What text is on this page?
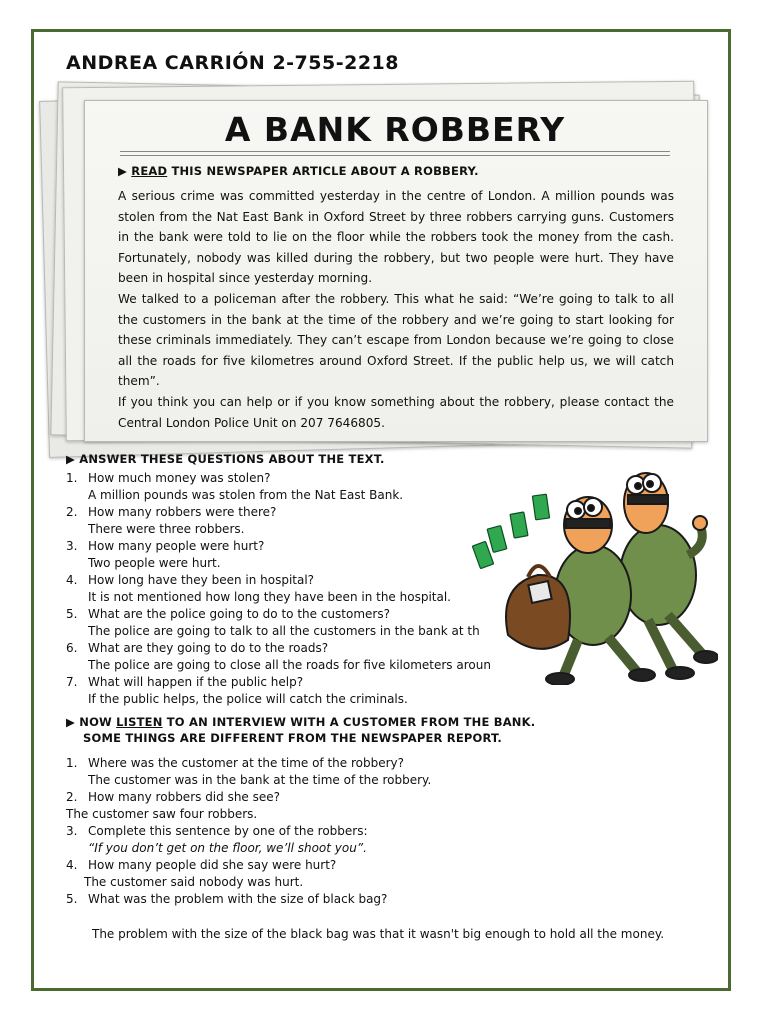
ANDREA CARRIÓN 2-755-2218
A BANK ROBBERY
▶ READ THIS NEWSPAPER ARTICLE ABOUT A ROBBERY.

A serious crime was committed yesterday in the centre of London. A million pounds was stolen from the Nat East Bank in Oxford Street by three robbers carrying guns. Customers in the bank were told to lie on the floor while the robbers took the money from the cash. Fortunately, nobody was killed during the robbery, but two people were hurt. They have been in hospital since yesterday morning.

We talked to a policeman after the robbery. This what he said: “We’re going to talk to all the customers in the bank at the time of the robbery and we’re going to start looking for these criminals immediately. They can’t escape from London because we’re going to close all the roads for five kilometres around Oxford Street. If the public help us, we will catch them”.

If you think you can help or if you know something about the robbery, please contact the Central London Police Unit on 207 7646805.

▶ ANSWER THESE QUESTIONS ABOUT THE TEXT.
1. How much money was stolen?
A million pounds was stolen from the Nat East Bank.
2. How many robbers were there?
There were three robbers.
3. How many people were hurt?
Two people were hurt.
4. How long have they been in hospital?
It is not mentioned how long they have been in the hospital.
5. What are the police going to do to the customers?
The police are going to talk to all the customers in the bank at th
6. What are they going to do to the roads?
The police are going to close all the roads for five kilometers aroun
7. What will happen if the public help?
If the public helps, the police will catch the criminals.
▶ NOW LISTEN TO AN INTERVIEW WITH A CUSTOMER FROM THE BANK.
SOME THINGS ARE DIFFERENT FROM THE NEWSPAPER REPORT.
1. Where was the customer at the time of the robbery?
The customer was in the bank at the time of the robbery.
2. How many robbers did she see?
The customer saw four robbers.
3. Complete this sentence by one of the robbers:
“If you don’t get on the floor, we’ll shoot you”.
4. How many people did she say were hurt?
The customer said nobody was hurt.
5. What was the problem with the size of black bag?
The problem with the size of the black bag was that it wasn't big enough to hold all the money.
